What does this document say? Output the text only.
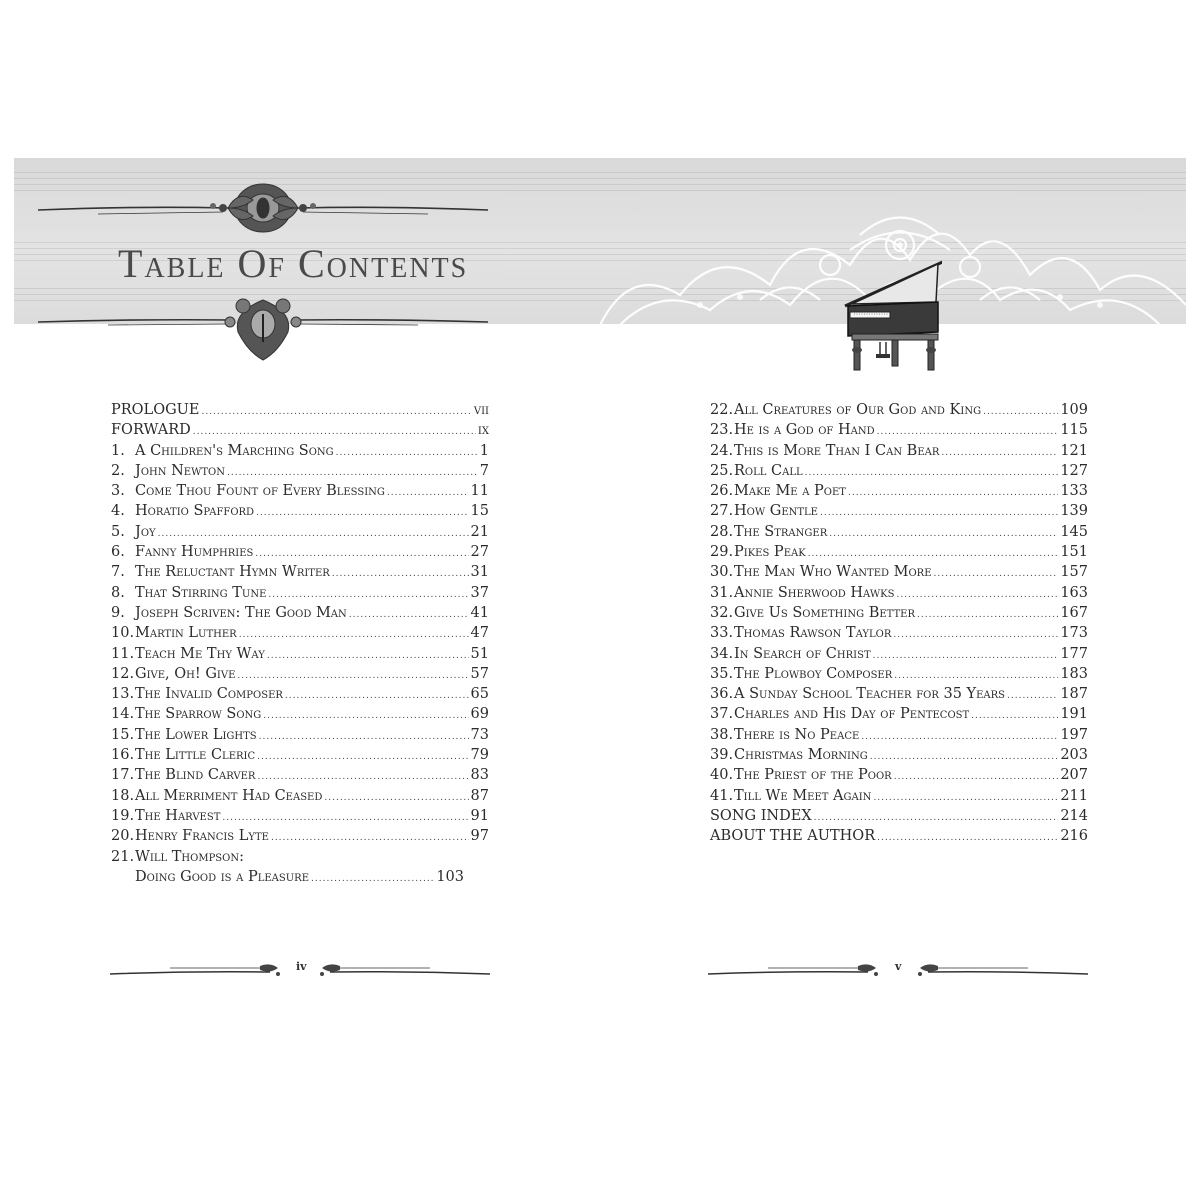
Table Of Contents
PROLOGUE .....	vii
FORWARD .....	ix
1. A Children's Marching Song .....	1
2. John Newton .....	7
3. Come Thou Fount of Every Blessing .....	11
4. Horatio Spafford .....	15
5. Joy .....	21
6. Fanny Humphries .....	27
7. The Reluctant Hymn Writer .....	31
8. That Stirring Tune .....	37
9. Joseph Scriven: The Good Man .....	41
10. Martin Luther .....	47
11. Teach Me Thy Way .....	51
12. Give, Oh! Give .....	57
13. The Invalid Composer .....	65
14. The Sparrow Song .....	69
15. The Lower Lights .....	73
16. The Little Cleric .....	79
17. The Blind Carver .....	83
18. All Merriment Had Ceased .....	87
19. The Harvest .....	91
20. Henry Francis Lyte .....	97
21. Will Thompson:
Doing Good is a Pleasure .....	103
22. All Creatures of Our God and King .....	109
23. He is a God of Hand .....	115
24. This is More Than I Can Bear .....	121
25. Roll Call .....	127
26. Make Me a Poet .....	133
27. How Gentle .....	139
28. The Stranger .....	145
29. Pikes Peak .....	151
30. The Man Who Wanted More .....	157
31. Annie Sherwood Hawks .....	163
32. Give Us Something Better .....	167
33. Thomas Rawson Taylor .....	173
34. In Search of Christ .....	177
35. The Plowboy Composer .....	183
36. A Sunday School Teacher for 35 Years .....	187
37. Charles and His Day of Pentecost .....	191
38. There is No Peace .....	197
39. Christmas Morning .....	203
40. The Priest of the Poor .....	207
41. Till We Meet Again .....	211
SONG INDEX .....	214
ABOUT THE AUTHOR .....	216
iv	v
